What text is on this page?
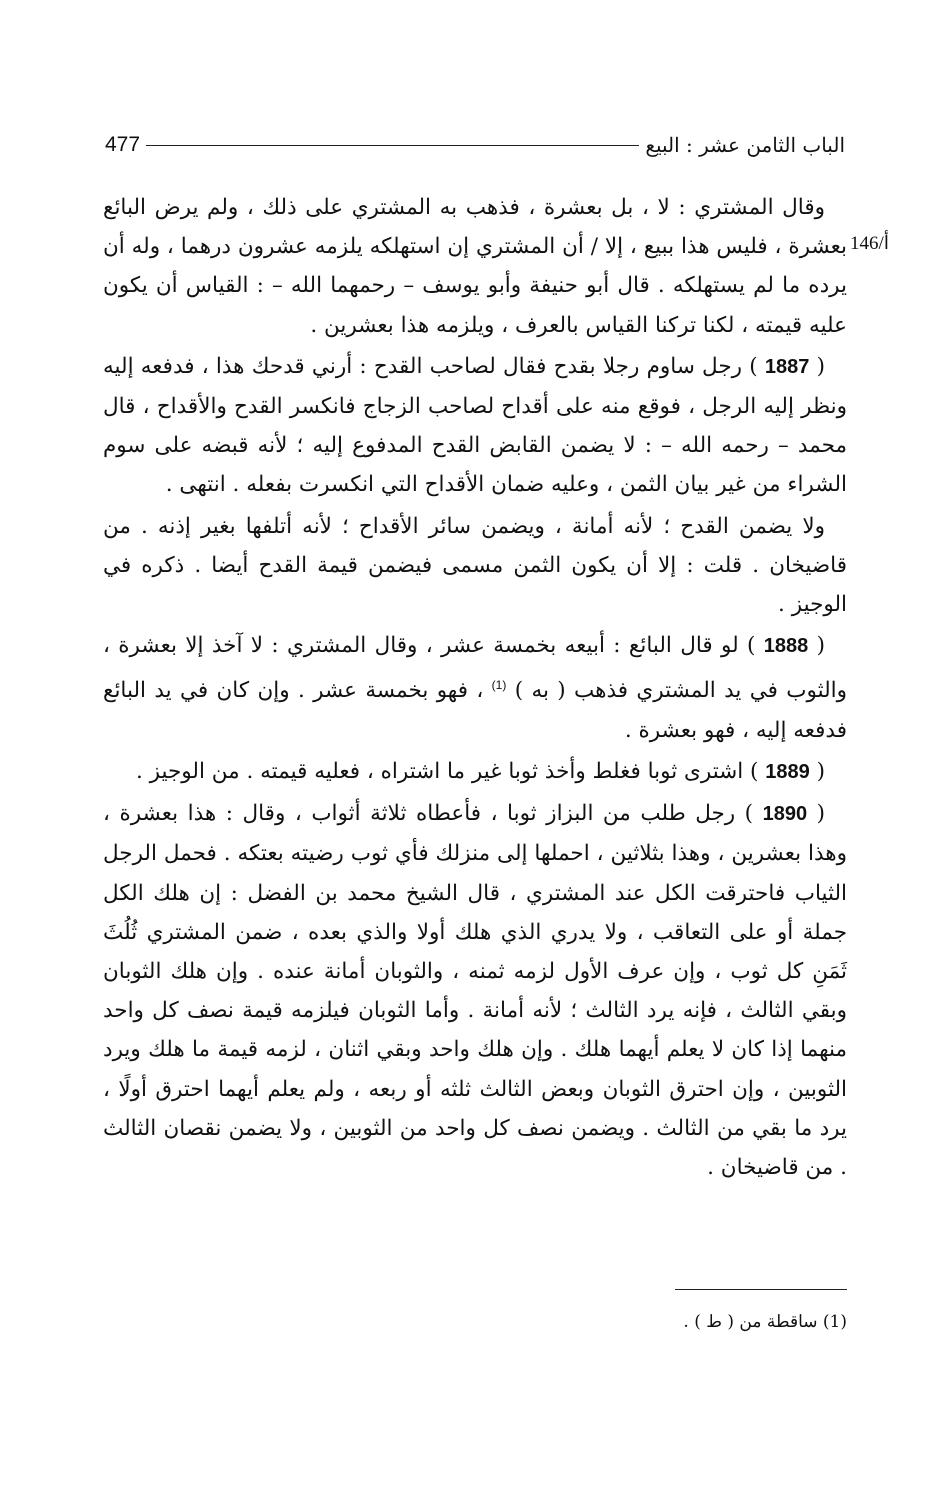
الباب الثامن عشر : البيع
477
146/أ

وقال المشتري : لا ، بل بعشرة ، فذهب به المشتري على ذلك ، ولم يرض البائع بعشرة ، فليس هذا ببيع ، إلا / أن المشتري إن استهلكه يلزمه عشرون درهما ، وله أن يرده ما لم يستهلكه . قال أبو حنيفة وأبو يوسف – رحمهما الله – : القياس أن يكون عليه قيمته ، لكنا تركنا القياس بالعرف ، ويلزمه هذا بعشرين .

( 1887 ) رجل ساوم رجلا بقدح فقال لصاحب القدح : أرني قدحك هذا ، فدفعه إليه ونظر إليه الرجل ، فوقع منه على أقداح لصاحب الزجاج فانكسر القدح والأقداح ، قال محمد – رحمه الله – : لا يضمن القابض القدح المدفوع إليه ؛ لأنه قبضه على سوم الشراء من غير بيان الثمن ، وعليه ضمان الأقداح التي انكسرت بفعله . انتهى .

ولا يضمن القدح ؛ لأنه أمانة ، ويضمن سائر الأقداح ؛ لأنه أتلفها بغير إذنه . من قاضيخان . قلت : إلا أن يكون الثمن مسمى فيضمن قيمة القدح أيضا . ذكره في الوجيز .

( 1888 ) لو قال البائع : أبيعه بخمسة عشر ، وقال المشتري : لا آخذ إلا بعشرة ، والثوب في يد المشتري فذهب ( به ) $^{(1)}$ ، فهو بخمسة عشر . وإن كان في يد البائع فدفعه إليه ، فهو بعشرة .

( 1889 ) اشترى ثوبا فغلط وأخذ ثوبا غير ما اشتراه ، فعليه قيمته . من الوجيز .

( 1890 ) رجل طلب من البزاز ثوبا ، فأعطاه ثلاثة أثواب ، وقال : هذا بعشرة ، وهذا بعشرين ، وهذا بثلاثين ، احملها إلى منزلك فأي ثوب رضيته بعتكه . فحمل الرجل الثياب فاحترقت الكل عند المشتري ، قال الشيخ محمد بن الفضل : إن هلك الكل جملة أو على التعاقب ، ولا يدري الذي هلك أولا والذي بعده ، ضمن المشتري ثُلُثَ ثَمَنِ كل ثوب ، وإن عرف الأول لزمه ثمنه ، والثوبان أمانة عنده . وإن هلك الثوبان وبقي الثالث ، فإنه يرد الثالث ؛ لأنه أمانة . وأما الثوبان فيلزمه قيمة نصف كل واحد منهما إذا كان لا يعلم أيهما هلك . وإن هلك واحد وبقي اثنان ، لزمه قيمة ما هلك ويرد الثوبين ، وإن احترق الثوبان وبعض الثالث ثلثه أو ربعه ، ولم يعلم أيهما احترق أولًا ، يرد ما بقي من الثالث . ويضمن نصف كل واحد من الثوبين ، ولا يضمن نقصان الثالث . من قاضيخان .

(1) ساقطة من ( ط ) .
